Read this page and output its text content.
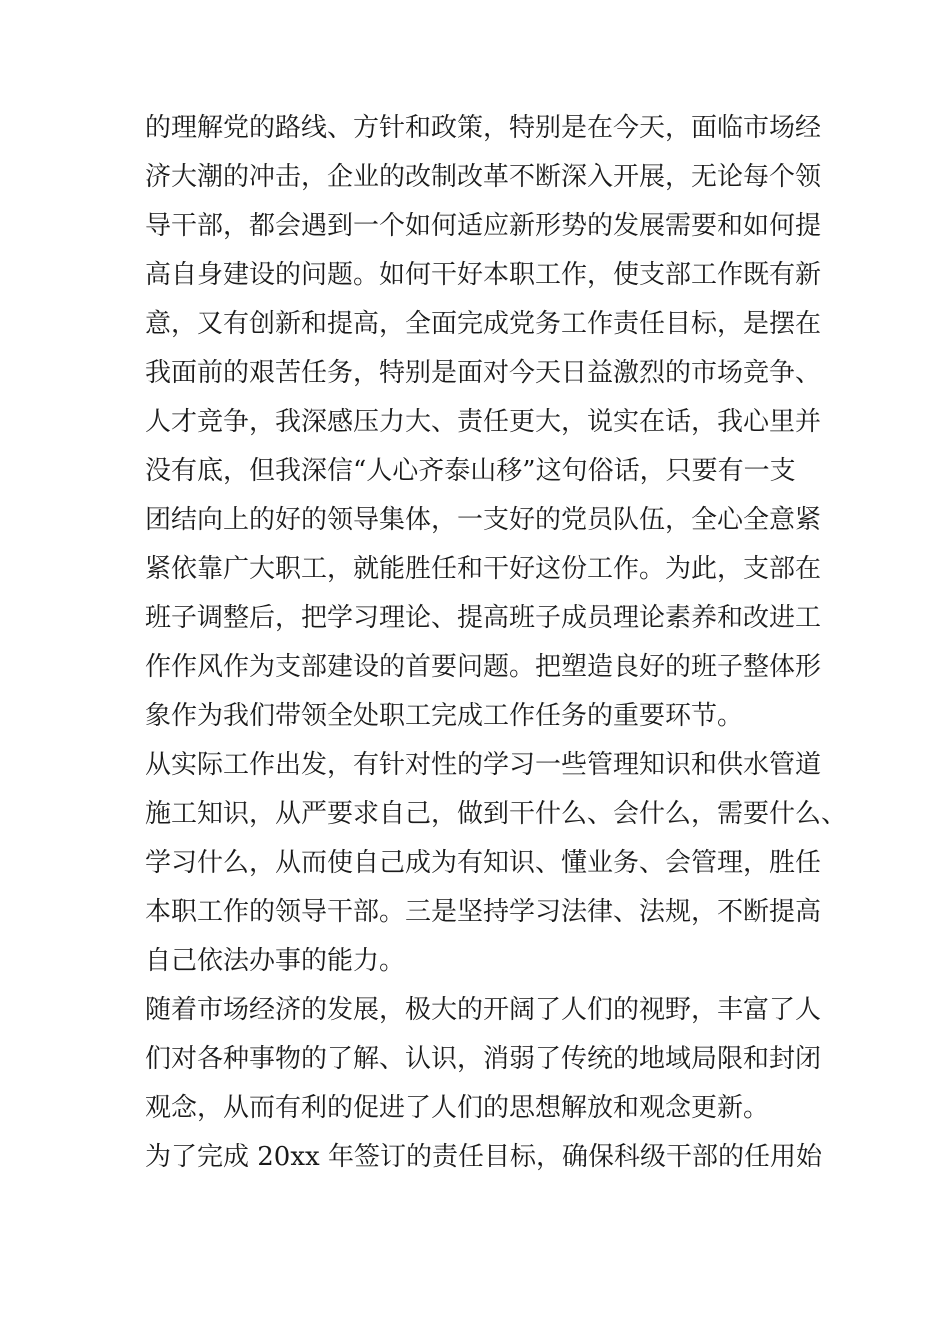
的理解党的路线、方针和政策，特别是在今天，面临市场经
济大潮的冲击，企业的改制改革不断深入开展，无论每个领
导干部，都会遇到一个如何适应新形势的发展需要和如何提
高自身建设的问题。如何干好本职工作，使支部工作既有新
意，又有创新和提高，全面完成党务工作责任目标，是摆在
我面前的艰苦任务，特别是面对今天日益激烈的市场竞争、
人才竞争，我深感压力大、责任更大，说实在话，我心里并
没有底，但我深信“人心齐泰山移”这句俗话，只要有一支
团结向上的好的领导集体，一支好的党员队伍，全心全意紧
紧依靠广大职工，就能胜任和干好这份工作。为此，支部在
班子调整后，把学习理论、提高班子成员理论素养和改进工
作作风作为支部建设的首要问题。把塑造良好的班子整体形
象作为我们带领全处职工完成工作任务的重要环节。
从实际工作出发，有针对性的学习一些管理知识和供水管道
施工知识，从严要求自己，做到干什么、会什么，需要什么、
学习什么，从而使自己成为有知识、懂业务、会管理，胜任
本职工作的领导干部。三是坚持学习法律、法规，不断提高
自己依法办事的能力。
随着市场经济的发展，极大的开阔了人们的视野，丰富了人
们对各种事物的了解、认识，消弱了传统的地域局限和封闭
观念，从而有利的促进了人们的思想解放和观念更新。
为了完成 20xx 年签订的责任目标，确保科级干部的任用始
